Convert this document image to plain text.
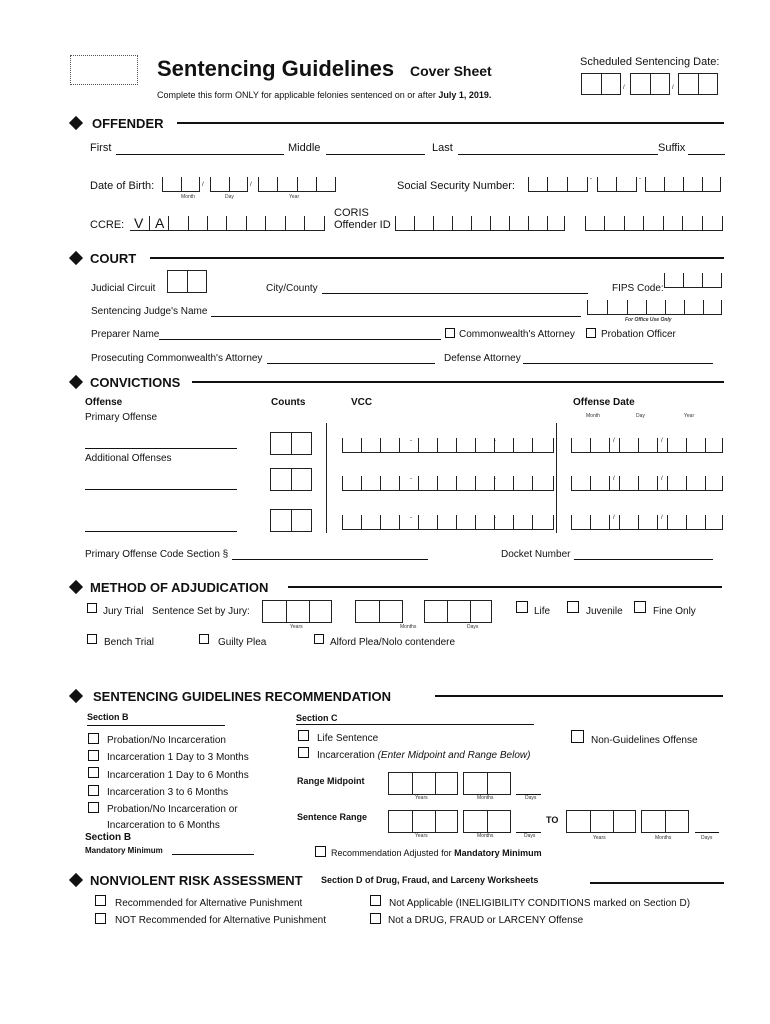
Sentencing Guidelines Cover Sheet
Complete this form ONLY for applicable felonies sentenced on or after July 1, 2019.
Scheduled Sentencing Date:
/	/
OFFENDER
First	Middle	Last	Suffix
Date of Birth:	/	/
Month	Day	Year
Social Security Number:
-	-
CCRE: V A
CORIS
Offender ID
COURT
Judicial Circuit	City/County	FIPS Code:
Sentencing Judge's Name
For Office Use Only
Preparer Name	Commonwealth's Attorney	Probation Officer
Prosecuting Commonwealth's Attorney	Defense Attorney
CONVICTIONS
Offense	Counts	VCC	Offense Date
Month	Day	Year
Primary Offense
Additional Offenses
-	-	/	/
-	-	/	/
-	-	/	/
Primary Offense Code Section §	Docket Number
METHOD OF ADJUDICATION
Jury Trial Sentence Set by Jury:
Years	Months	Days
Life	Juvenile	Fine Only
Bench Trial	Guilty Plea	Alford Plea/Nolo contendere
SENTENCING GUIDELINES RECOMMENDATION
Section B	Section C
Probation/No Incarceration
Incarceration 1 Day to 3 Months
Incarceration 1 Day to 6 Months
Incarceration 3 to 6 Months
Probation/No Incarceration or
Incarceration to 6 Months
Section B
Mandatory Minimum
Life Sentence
Incarceration (Enter Midpoint and Range Below)
Non-Guidelines Offense
Range Midpoint
Years	Months	Days
Sentence Range
Years	Months	Days
TO
Years	Months	Days
Recommendation Adjusted for Mandatory Minimum
NONVIOLENT RISK ASSESSMENT Section D of Drug, Fraud, and Larceny Worksheets
Recommended for Alternative Punishment
NOT Recommended for Alternative Punishment
Not Applicable (INELIGIBILITY CONDITIONS marked on Section D)
Not a DRUG, FRAUD or LARCENY Offense
